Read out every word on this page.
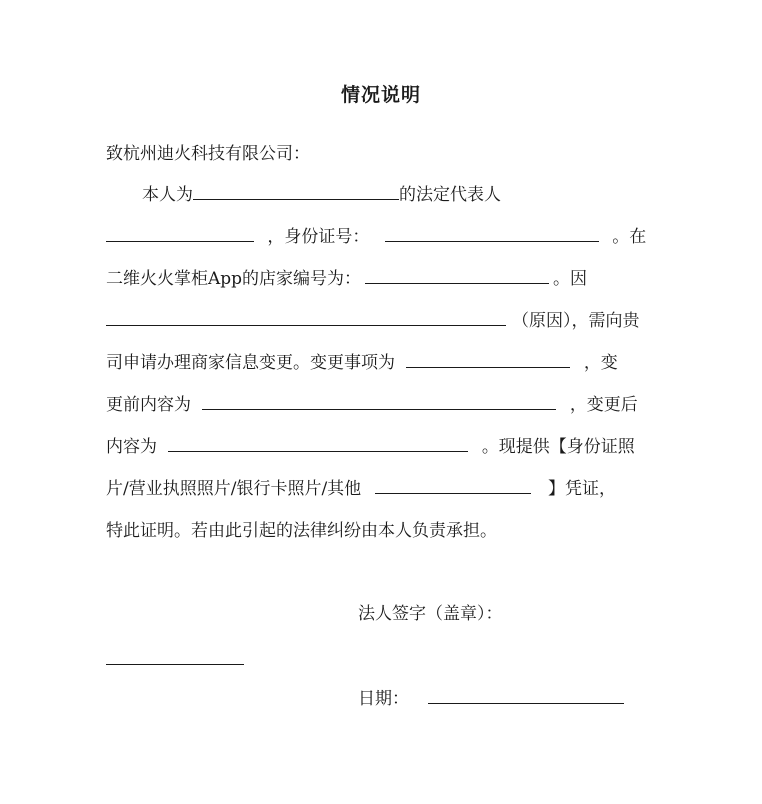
情况说明
致杭州迪火科技有限公司：
本人为	的法定代表人
，身份证号：	。在
二维火火掌柜App的店家编号为：	。因
（原因），需向贵
司申请办理商家信息变更。变更事项为	，变
更前内容为	，变更后
内容为	。现提供【身份证照
片/营业执照照片/银行卡照片/其他	】凭证，
特此证明。若由此引起的法律纠纷由本人负责承担。
法人签字（盖章）：
日期：
